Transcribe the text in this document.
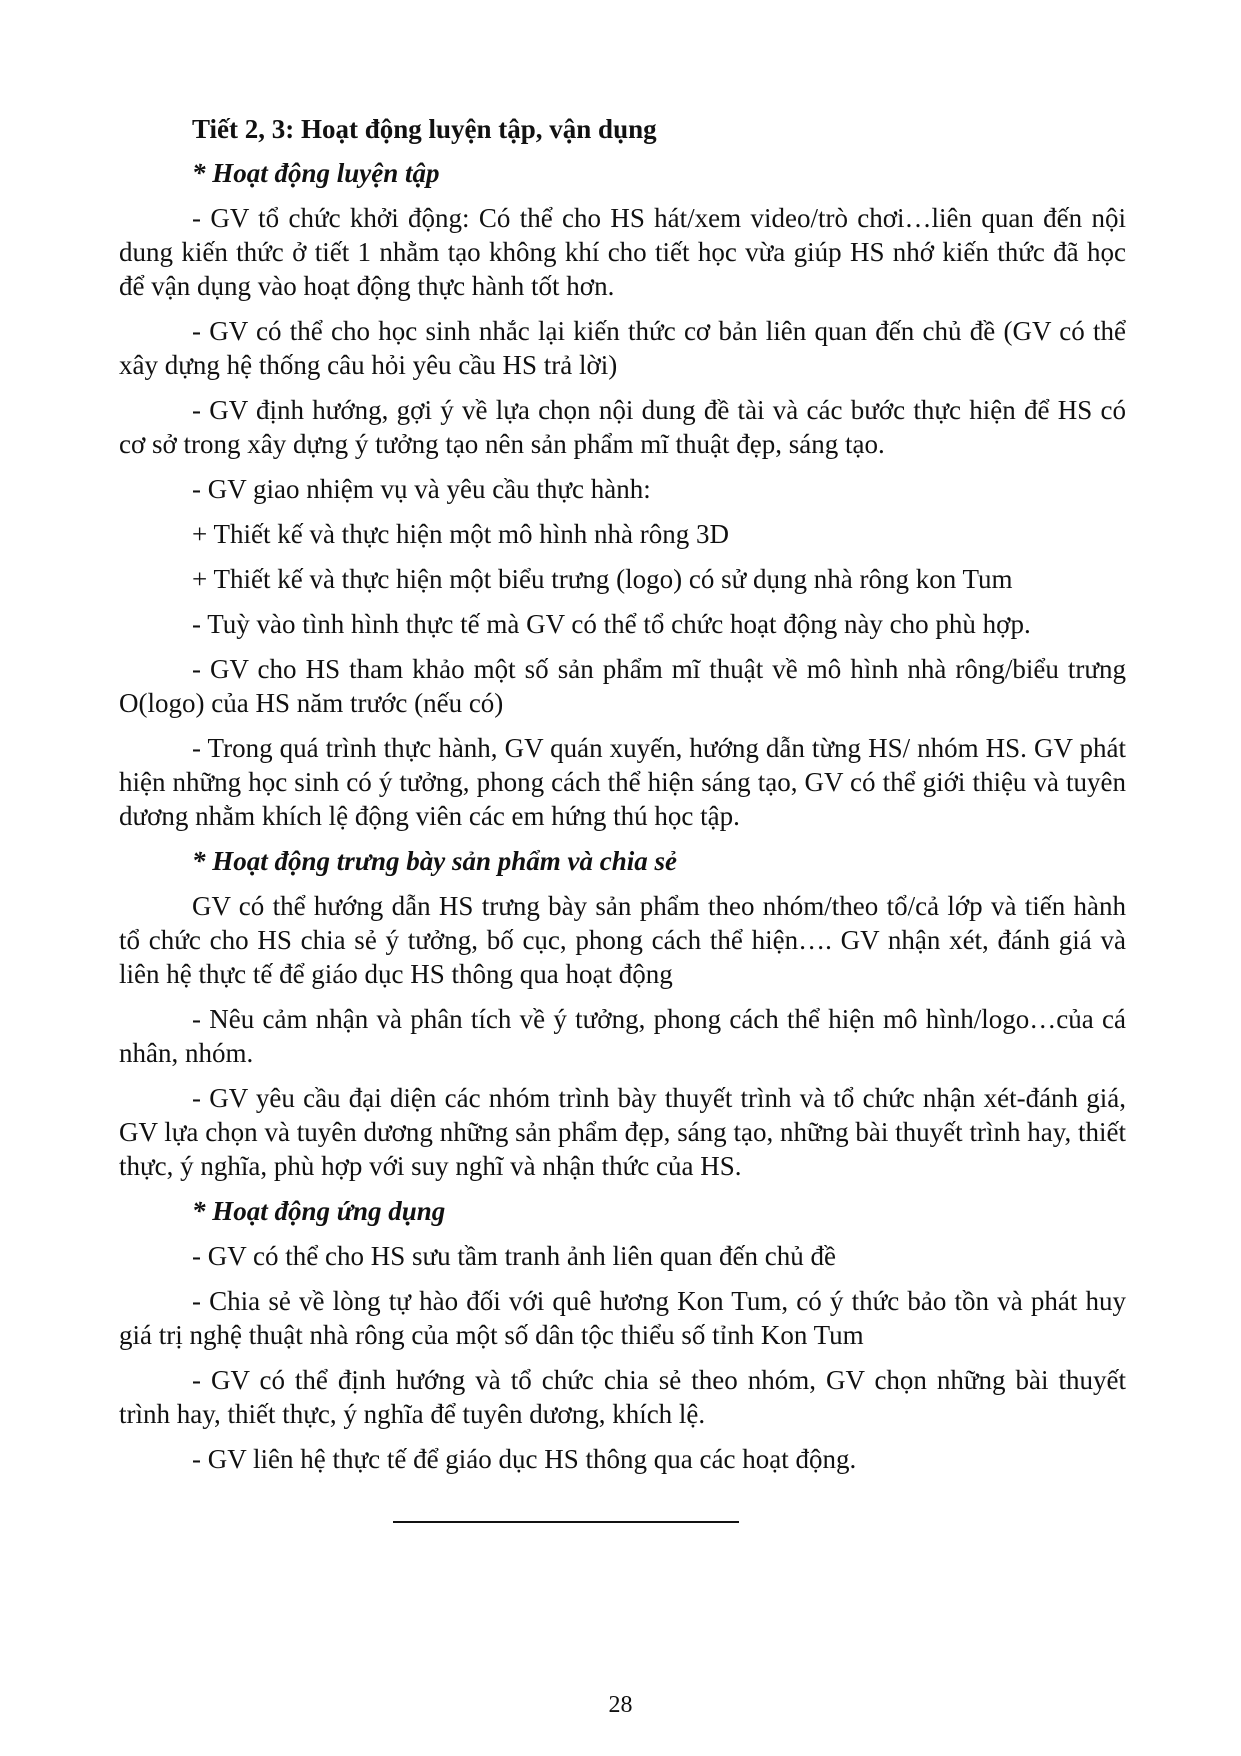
Tiết 2, 3: Hoạt động luyện tập, vận dụng

* Hoạt động luyện tập

- GV tổ chức khởi động: Có thể cho HS hát/xem video/trò chơi…liên quan đến nội dung kiến thức ở tiết 1 nhằm tạo không khí cho tiết học vừa giúp HS nhớ kiến thức đã học để vận dụng vào hoạt động thực hành tốt hơn.

- GV có thể cho học sinh nhắc lại kiến thức cơ bản liên quan đến chủ đề (GV có thể xây dựng hệ thống câu hỏi yêu cầu HS trả lời)

- GV định hướng, gợi ý về lựa chọn nội dung đề tài và các bước thực hiện để HS có cơ sở trong xây dựng ý tưởng tạo nên sản phẩm mĩ thuật đẹp, sáng tạo.

- GV giao nhiệm vụ và yêu cầu thực hành:

+ Thiết kế và thực hiện một mô hình nhà rông 3D

+ Thiết kế và thực hiện một biểu trưng (logo) có sử dụng nhà rông kon Tum

- Tuỳ vào tình hình thực tế mà GV có thể tổ chức hoạt động này cho phù hợp.

- GV cho HS tham khảo một số sản phẩm mĩ thuật về mô hình nhà rông/biểu trưng O(logo) của HS năm trước (nếu có)

- Trong quá trình thực hành, GV quán xuyến, hướng dẫn từng HS/ nhóm HS. GV phát hiện những học sinh có ý tưởng, phong cách thể hiện sáng tạo, GV có thể giới thiệu và tuyên dương nhằm khích lệ động viên các em hứng thú học tập.

* Hoạt động trưng bày sản phẩm và chia sẻ

GV có thể hướng dẫn HS trưng bày sản phẩm theo nhóm/theo tổ/cả lớp và tiến hành tổ chức cho HS chia sẻ ý tưởng, bố cục, phong cách thể hiện…. GV nhận xét, đánh giá và liên hệ thực tế để giáo dục HS thông qua hoạt động

- Nêu cảm nhận và phân tích về ý tưởng, phong cách thể hiện mô hình/logo…của cá nhân, nhóm.

- GV yêu cầu đại diện các nhóm trình bày thuyết trình và tổ chức nhận xét-đánh giá, GV lựa chọn và tuyên dương những sản phẩm đẹp, sáng tạo, những bài thuyết trình hay, thiết thực, ý nghĩa, phù hợp với suy nghĩ và nhận thức của HS.

* Hoạt động ứng dụng

- GV có thể cho HS sưu tầm tranh ảnh liên quan đến chủ đề

- Chia sẻ về lòng tự hào đối với quê hương Kon Tum, có ý thức bảo tồn và phát huy giá trị nghệ thuật nhà rông của một số dân tộc thiểu số tỉnh Kon Tum

- GV có thể định hướng và tổ chức chia sẻ theo nhóm, GV chọn những bài thuyết trình hay, thiết thực, ý nghĩa để tuyên dương, khích lệ.

- GV liên hệ thực tế để giáo dục HS thông qua các hoạt động.

28
